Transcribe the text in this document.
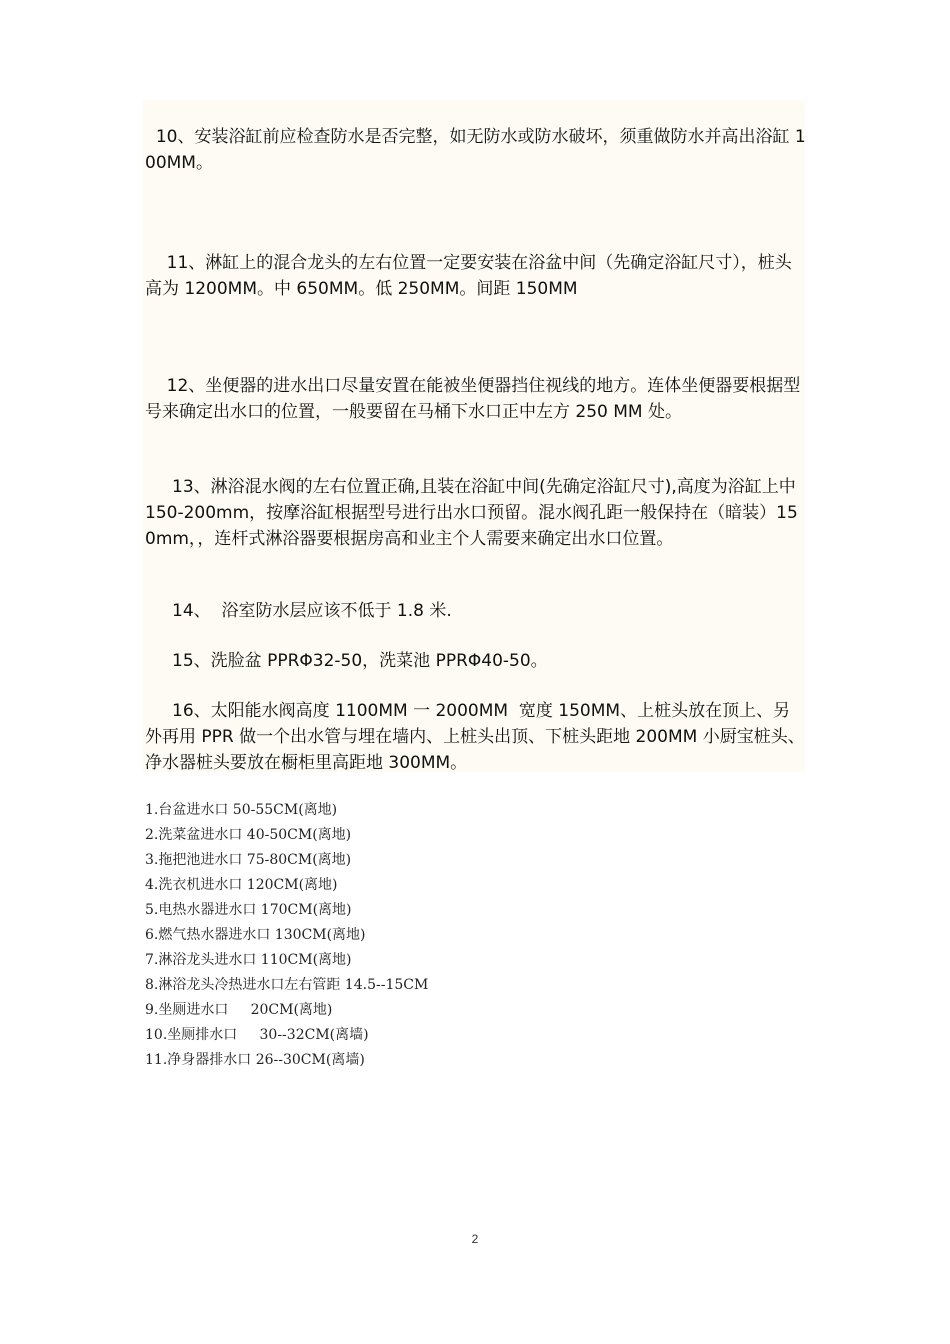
10、安装浴缸前应检查防水是否完整，如无防水或防水破坏，须重做防水并高出浴缸 100MM。

11、淋缸上的混合龙头的左右位置一定要安装在浴盆中间（先确定浴缸尺寸），桩头高为 1200MM。中 650MM。低 250MM。间距 150MM

12、坐便器的进水出口尽量安置在能被坐便器挡住视线的地方。连体坐便器要根据型号来确定出水口的位置，一般要留在马桶下水口正中左方 250 MM 处。

13、淋浴混水阀的左右位置正确,且装在浴缸中间(先确定浴缸尺寸),高度为浴缸上中 150-200mm，按摩浴缸根据型号进行出水口预留。混水阀孔距一般保持在（暗装）150mm，，连杆式淋浴器要根据房高和业主个人需要来确定出水口位置。

14、  浴室防水层应该不低于 1.8 米.

15、洗脸盆 PPRΦ32-50，洗菜池 PPRΦ40-50。

16、太阳能水阀高度 1100MM 一 2000MM  宽度 150MM、上桩头放在顶上、另外再用 PPR 做一个出水管与埋在墙内、上桩头出顶、下桩头距地 200MM 小厨宝桩头、净水器桩头要放在橱柜里高距地 300MM。

1.台盆进水口 50-55CM(离地)
2.洗菜盆进水口 40-50CM(离地)
3.拖把池进水口 75-80CM(离地)
4.洗衣机进水口 120CM(离地)
5.电热水器进水口 170CM(离地)
6.燃气热水器进水口 130CM(离地)
7.淋浴龙头进水口 110CM(离地)
8.淋浴龙头冷热进水口左右管距 14.5--15CM
9.坐厕进水口     20CM(离地)
10.坐厕排水口     30--32CM(离墙)
11.净身器排水口 26--30CM(离墙)
2
